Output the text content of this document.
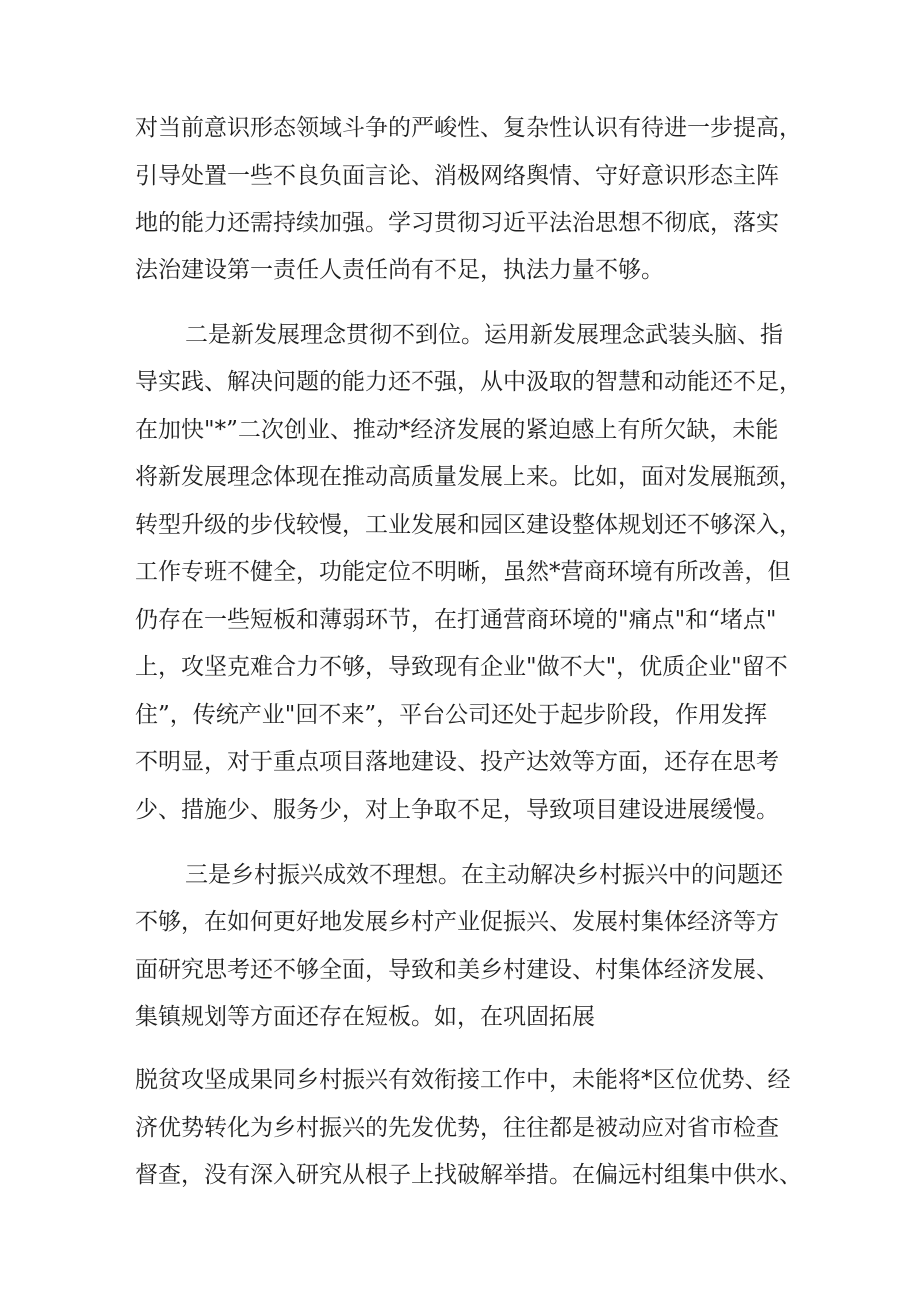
对当前意识形态领域斗争的严峻性、复杂性认识有待进一步提高，
引导处置一些不良负面言论、消极网络舆情、守好意识形态主阵
地的能力还需持续加强。学习贯彻习近平法治思想不彻底，落实
法治建设第一责任人责任尚有不足，执法力量不够。
二是新发展理念贯彻不到位。运用新发展理念武装头脑、指
导实践、解决问题的能力还不强，从中汲取的智慧和动能还不足，
在加快"*”二次创业、推动*经济发展的紧迫感上有所欠缺，未能
将新发展理念体现在推动高质量发展上来。比如，面对发展瓶颈，
转型升级的步伐较慢，工业发展和园区建设整体规划还不够深入，
工作专班不健全，功能定位不明晰，虽然*营商环境有所改善，但
仍存在一些短板和薄弱环节，在打通营商环境的"痛点"和“堵点"
上，攻坚克难合力不够，导致现有企业"做不大"，优质企业"留不
住”，传统产业"回不来”，平台公司还处于起步阶段，作用发挥
不明显，对于重点项目落地建设、投产达效等方面，还存在思考
少、措施少、服务少，对上争取不足，导致项目建设进展缓慢。
三是乡村振兴成效不理想。在主动解决乡村振兴中的问题还
不够，在如何更好地发展乡村产业促振兴、发展村集体经济等方
面研究思考还不够全面，导致和美乡村建设、村集体经济发展、
集镇规划等方面还存在短板。如，在巩固拓展
脱贫攻坚成果同乡村振兴有效衔接工作中，未能将*区位优势、经
济优势转化为乡村振兴的先发优势，往往都是被动应对省市检查
督查，没有深入研究从根子上找破解举措。在偏远村组集中供水、
